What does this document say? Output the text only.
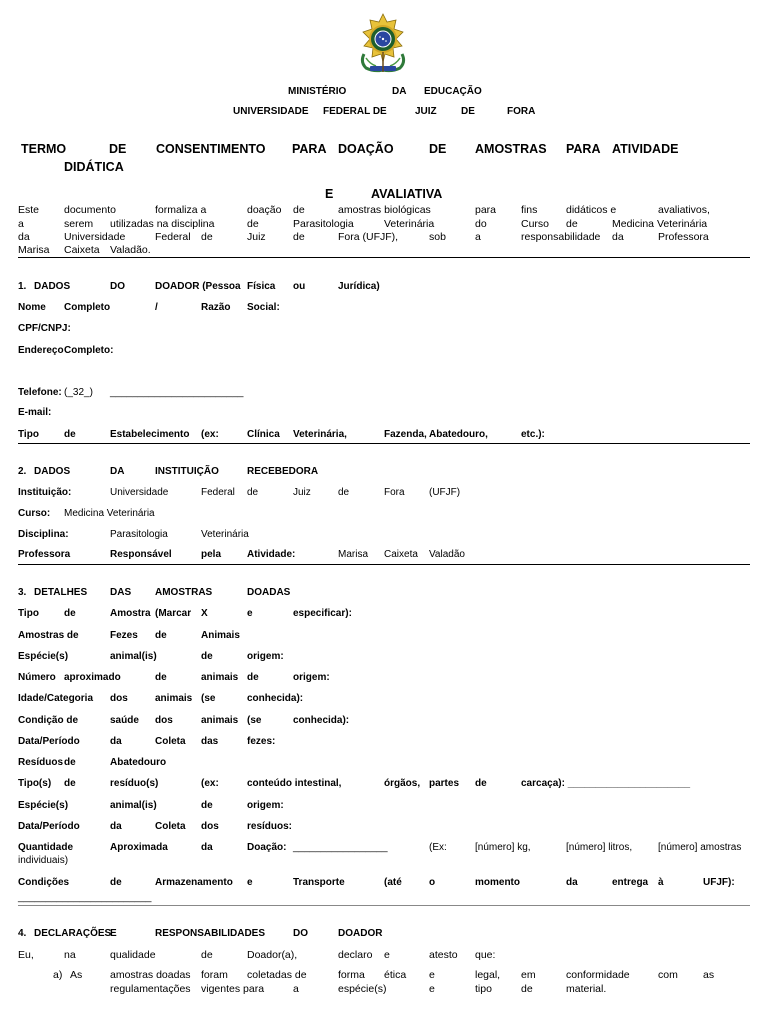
MINISTÉRIO	DA EDUCAÇÃO
UNIVERSIDADE FEDERAL DE	JUIZ DE	FORA
TERMO	DE CONSENTIMENTO PARA DOAÇÃO	DE AMOSTRAS PARA ATIVIDADE
DIDÁTICA
E	AVALIATIVA
Este documento	formaliza a	doação de	amostras biológicas	para fins	didáticos e	avaliativos,
a	serem utilizadas na disciplina	de	Parasitologia	Veterinária	do	Curso de	Medicina Veterinária
da	Universidade	Federal de	Juiz	de	Fora (UFJF),	sob	a	responsabilidade da	Professora
Marisa Caixeta Valadão.
1. DADOS	DO	DOADOR (Pessoa Física ou	Jurídica)
Nome Completo	/	Razão Social:
CPF/CNPJ:
Endereço Completo:
Telefone: (_32_) ________________________
E-mail:
Tipo	de	Estabelecimento (ex:	Clínica Veterinária,	Fazenda, Abatedouro,	etc.):
2. DADOS	DA	INSTITUIÇÃO	RECEBEDORA
Instituição:	Universidade	Federal de	Juiz	de	Fora (UFJF)
Curso: Medicina Veterinária
Disciplina:	Parasitologia	Veterinária
Professora	Responsável	pela	Atividade:	Marisa Caixeta Valadão
3. DETALHES DAS AMOSTRAS	DOADAS
Tipo	de	Amostra (Marcar X	e	especificar):
Amostras de	Fezes de	Animais
Espécie(s)	animal(is)	de	origem:
Número aproximado	de	animais de	origem:
Idade/Categoria dos	animais (se	conhecida):
Condição de	saúde dos	animais (se	conhecida):
Data/Período	da	Coleta das	fezes:
Resíduos de	Abatedouro
Tipo(s) de	resíduo(s)	(ex:	conteúdo intestinal,	órgãos, partes de	carcaça): ______________________
Espécie(s)	animal(is)	de	origem:
Data/Período	da	Coleta dos	resíduos:
Quantidade	Aproximada	da	Doação: _________________	(Ex:	[número] kg,	[número] litros,	[número] amostras
individuais)
Condições	de	Armazenamento e	Transporte	(até	o	momento	da	entrega à	UFJF):
________________________
4. DECLARAÇÕES
E	RESPONSABILIDADES	DO	DOADOR
Eu,	na	qualidade	de	Doador(a),	declaro e	atesto que:
a) As	amostras doadas foram coletadas de	forma ética e	legal, em	conformidade	com as
regulamentações vigentes para	a	espécie(s)	e	tipo	de	material.
